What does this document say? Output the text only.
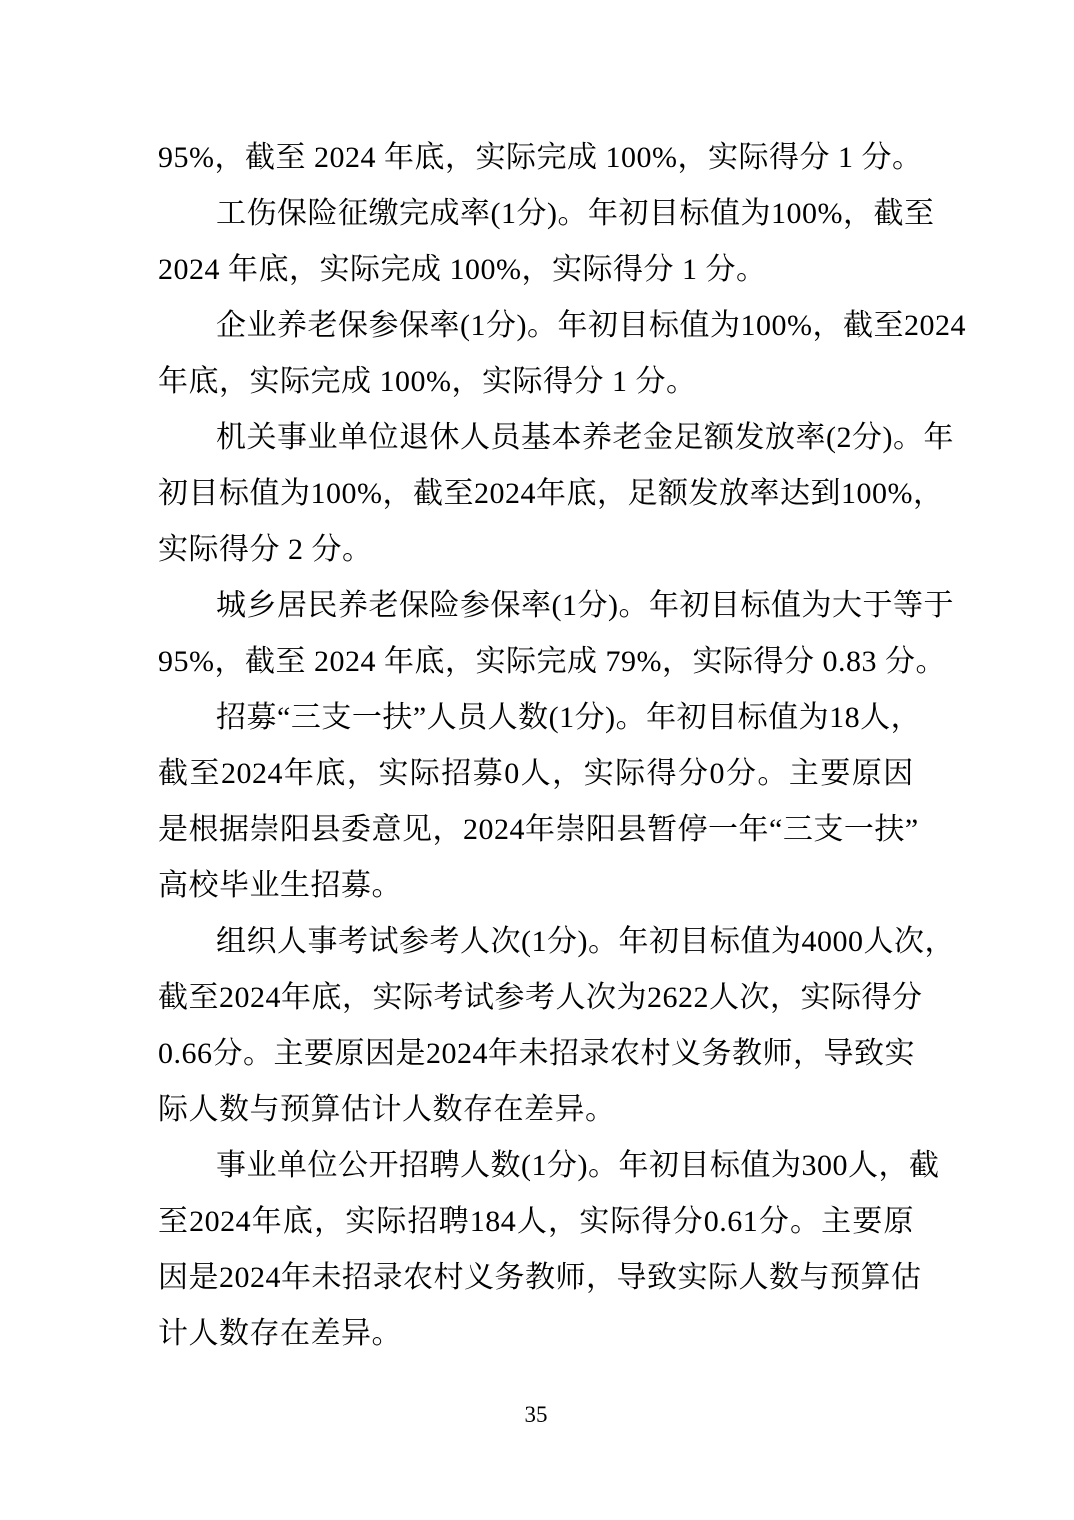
95%，截至 2024 年底，实际完成 100%，实际得分 1 分。
工 伤 保 险 征 缴 完 成 率 (1 分 ) 。 年 初 目 标 值 为 100% ， 截 至
2024 年底，实际完成 100%，实际得分 1 分。
企 业 养 老 保 参 保 率 (1 分 ) 。 年 初 目 标 值 为 100% ， 截 至 2024
年底，实际完成 100%，实际得分 1 分。
机 关 事 业 单 位 退 休 人 员 基 本 养 老 金 足 额 发 放 率 (2 分 ) 。 年
初 目 标 值 为 100% ， 截 至 2024 年 底 ， 足 额 发 放 率 达 到 100% ，
实际得分 2 分。
城 乡 居 民 养 老 保 险 参 保 率 (1 分 ) 。 年 初 目 标 值 为 大 于 等 于
95%，截至 2024 年底，实际完成 79%，实际得分 0.83 分。
招 募 “ 三 支 一 扶 ” 人 员 人 数 (1 分 ) 。 年 初 目 标 值 为 18 人 ，
截 至 2024 年 底 ， 实 际 招 募 0 人 ， 实 际 得 分 0 分 。 主 要 原 因
是 根 据 崇 阳 县 委 意 见 ， 2024 年 崇 阳 县 暂 停 一 年 “ 三 支 一 扶 ”
高校毕业生招募。
组 织 人 事 考 试 参 考 人 次 (1 分 ) 。 年 初 目 标 值 为 4000 人 次 ，
截 至 2024 年 底 ， 实 际 考 试 参 考 人 次 为 2622 人 次 ， 实 际 得 分
0.66 分 。 主 要 原 因 是 2024 年 未 招 录 农 村 义 务 教 师 ， 导 致 实
际人数与预算估计人数存在差异。
事 业 单 位 公 开 招 聘 人 数 (1 分 ) 。 年 初 目 标 值 为 300 人 ， 截
至 2024 年 底 ， 实 际 招 聘 184 人 ， 实 际 得 分 0.61 分 。 主 要 原
因 是 2024 年 未 招 录 农 村 义 务 教 师 ， 导 致 实 际 人 数 与 预 算 估
计人数存在差异。
35
